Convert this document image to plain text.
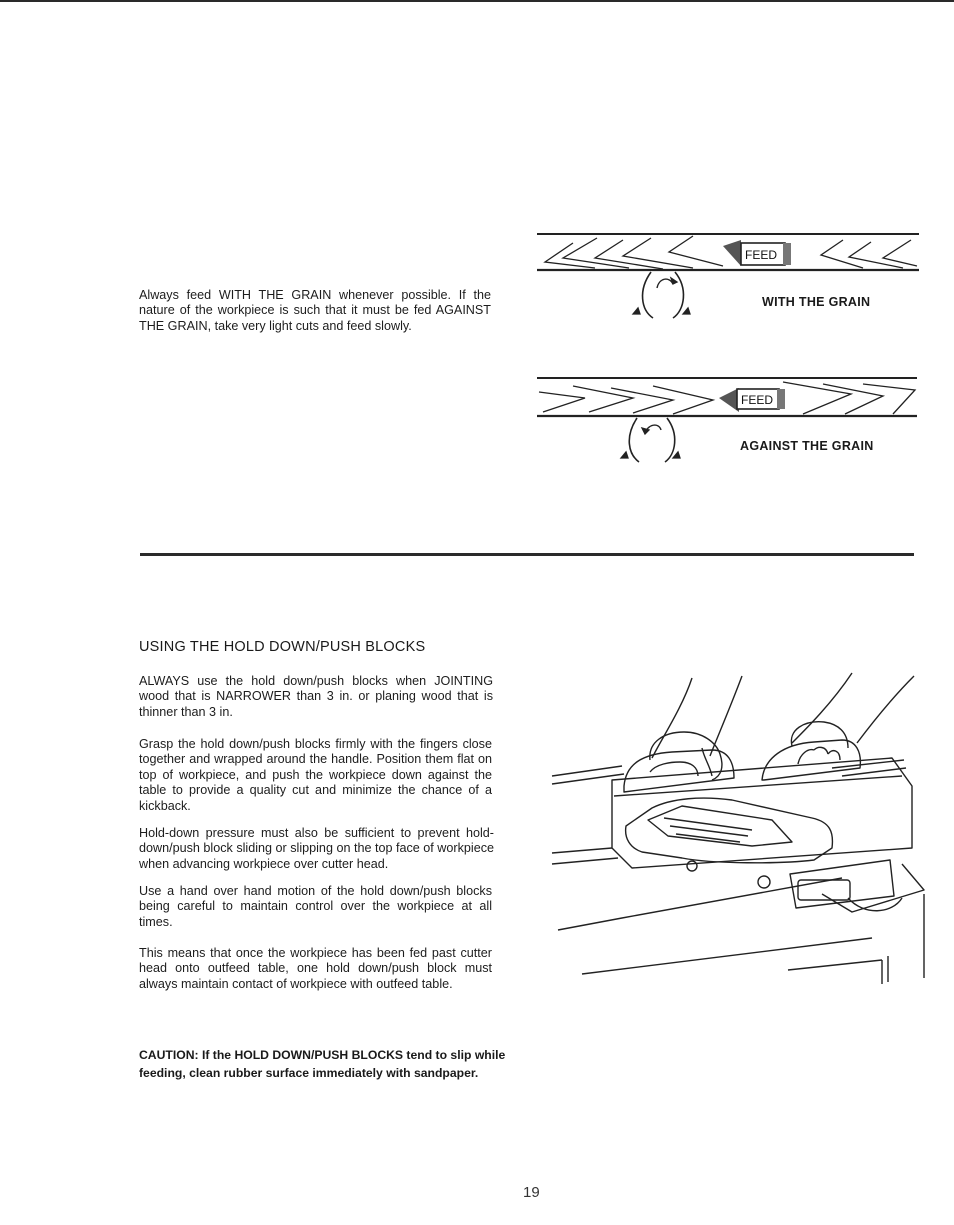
Always feed WITH THE GRAIN whenever possible. If the nature of the workpiece is such that it must be fed AGAINST THE GRAIN, take very light cuts and feed slowly.

FEED
WITH THE GRAIN
FEED
AGAINST THE GRAIN
USING THE HOLD DOWN/PUSH BLOCKS

ALWAYS use the hold down/push blocks when JOINTING wood that is NARROWER than 3 in. or planing wood that is thinner than 3 in.

Grasp the hold down/push blocks firmly with the fingers close together and wrapped around the handle. Position them flat on top of workpiece, and push the workpiece down against the table to provide a quality cut and minimize the chance of a kickback.

Hold-down pressure must also be sufficient to prevent hold-down/push block sliding or slipping on the top face of workpiece when advancing workpiece over cutter head.

Use a hand over hand motion of the hold down/push blocks being careful to maintain control over the workpiece at all times.

This means that once the workpiece has been fed past cutter head onto outfeed table, one hold down/push block must always maintain contact of workpiece with outfeed table.

CAUTION: If the HOLD DOWN/PUSH BLOCKS tend to slip while feeding, clean rubber surface immediately with sandpaper.

19
